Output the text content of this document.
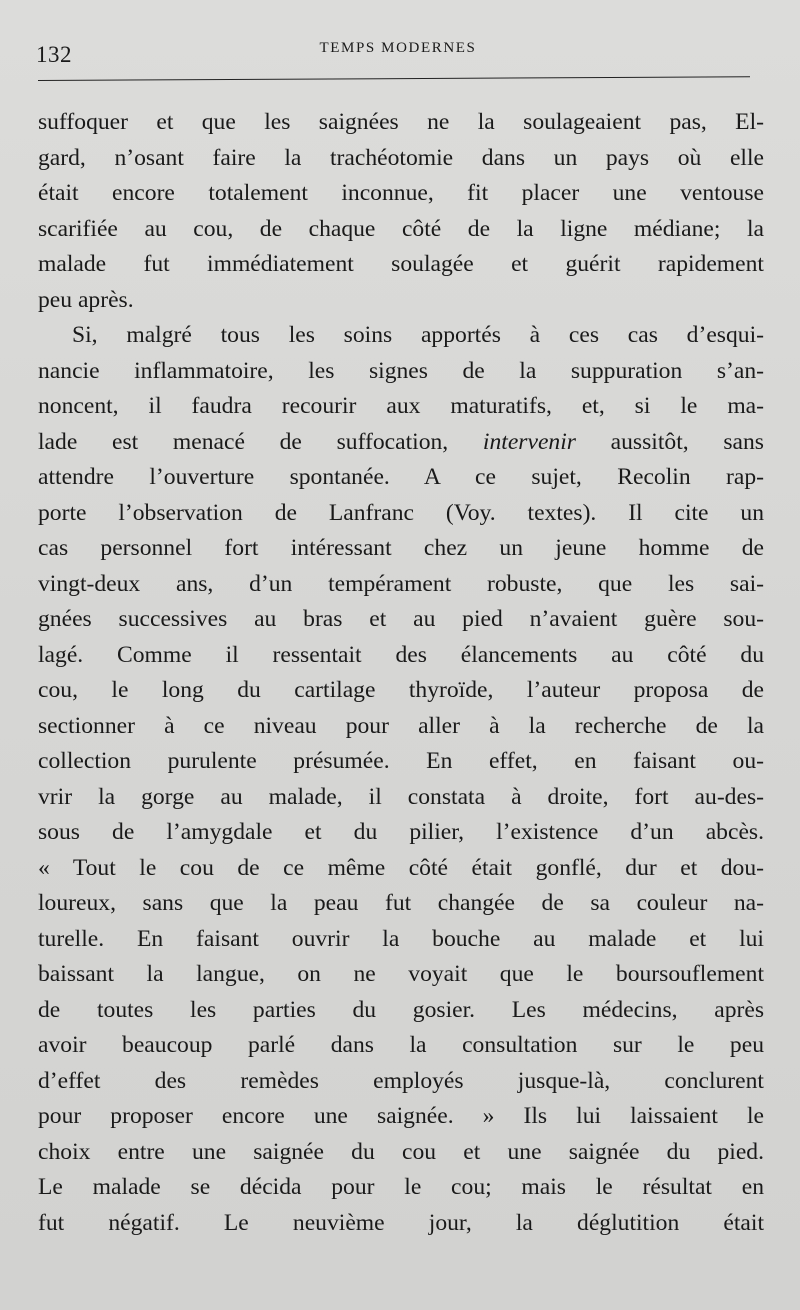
132	TEMPS MODERNES
suffoquer et que les saignées ne la soulageaient pas, El-
gard, n’osant faire la trachéotomie dans un pays où elle
était encore totalement inconnue, fit placer une ventouse
scarifiée au cou, de chaque côté de la ligne médiane; la
malade fut immédiatement soulagée et guérit rapidement
peu après.
Si, malgré tous les soins apportés à ces cas d’esqui-
nancie inflammatoire, les signes de la suppuration s’an-
noncent, il faudra recourir aux maturatifs, et, si le ma-
lade est menacé de suffocation, intervenir aussitôt, sans
attendre l’ouverture spontanée. A ce sujet, Recolin rap-
porte l’observation de Lanfranc (Voy. textes). Il cite un
cas personnel fort intéressant chez un jeune homme de
vingt-deux ans, d’un tempérament robuste, que les sai-
gnées successives au bras et au pied n’avaient guère sou-
lagé. Comme il ressentait des élancements au côté du
cou, le long du cartilage thyroïde, l’auteur proposa de
sectionner à ce niveau pour aller à la recherche de la
collection purulente présumée. En effet, en faisant ou-
vrir la gorge au malade, il constata à droite, fort au-des-
sous de l’amygdale et du pilier, l’existence d’un abcès.
« Tout le cou de ce même côté était gonflé, dur et dou-
loureux, sans que la peau fut changée de sa couleur na-
turelle. En faisant ouvrir la bouche au malade et lui
baissant la langue, on ne voyait que le boursouflement
de toutes les parties du gosier. Les médecins, après
avoir beaucoup parlé dans la consultation sur le peu
d’effet des remèdes employés jusque-là, conclurent
pour proposer encore une saignée. » Ils lui laissaient le
choix entre une saignée du cou et une saignée du pied.
Le malade se décida pour le cou; mais le résultat en
fut négatif. Le neuvième jour, la déglutition était
